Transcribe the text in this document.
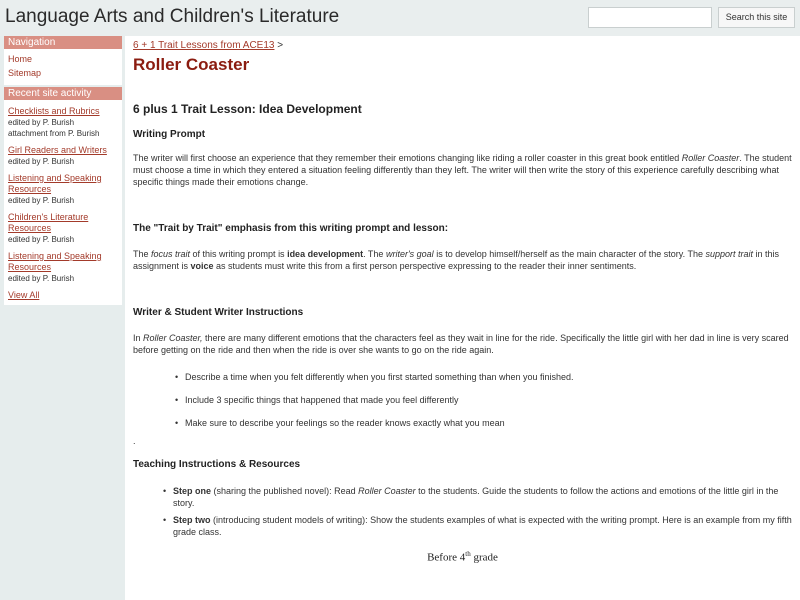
Language Arts and Children's Literature	Search this site
Navigation
Home
Sitemap
Recent site activity
Checklists and Rubrics
edited by P. Burish
attachment from P. Burish
Girl Readers and Writers
edited by P. Burish
Listening and Speaking Resources
edited by P. Burish
Children's Literature Resources
edited by P. Burish
Listening and Speaking Resources
edited by P. Burish
View All
6 + 1 Trait Lessons from ACE13 >
Roller Coaster
6 plus 1 Trait Lesson: Idea Development
Writing Prompt

The writer will first choose an experience that they remember their emotions changing like riding a roller coaster in this great book entitled Roller Coaster. The student must choose a time in which they entered a situation feeling differently than they left. The writer will then write the story of this experience carefully describing what specific things made their emotions change.

The "Trait by Trait" emphasis from this writing prompt and lesson:

The focus trait of this writing prompt is idea development. The writer's goal is to develop himself/herself as the main character of the story. The support trait in this assignment is voice as students must write this from a first person perspective expressing to the reader their inner sentiments.

Writer & Student Writer Instructions

In Roller Coaster, there are many different emotions that the characters feel as they wait in line for the ride. Specifically the little girl with her dad in line is very scared before getting on the ride and then when the ride is over she wants to go on the ride again.

• Describe a time when you felt differently when you first started something than when you finished.
• Include 3 specific things that happened that made you feel differently
• Make sure to describe your feelings so the reader knows exactly what you mean
.
Teaching Instructions & Resources
• Step one (sharing the published novel): Read Roller Coaster to the students. Guide the students to follow the actions and emotions of the little girl in the story.
• Step two (introducing student models of writing): Show the students examples of what is expected with the writing prompt. Here is an example from my fifth grade class.
Before 4th grade
